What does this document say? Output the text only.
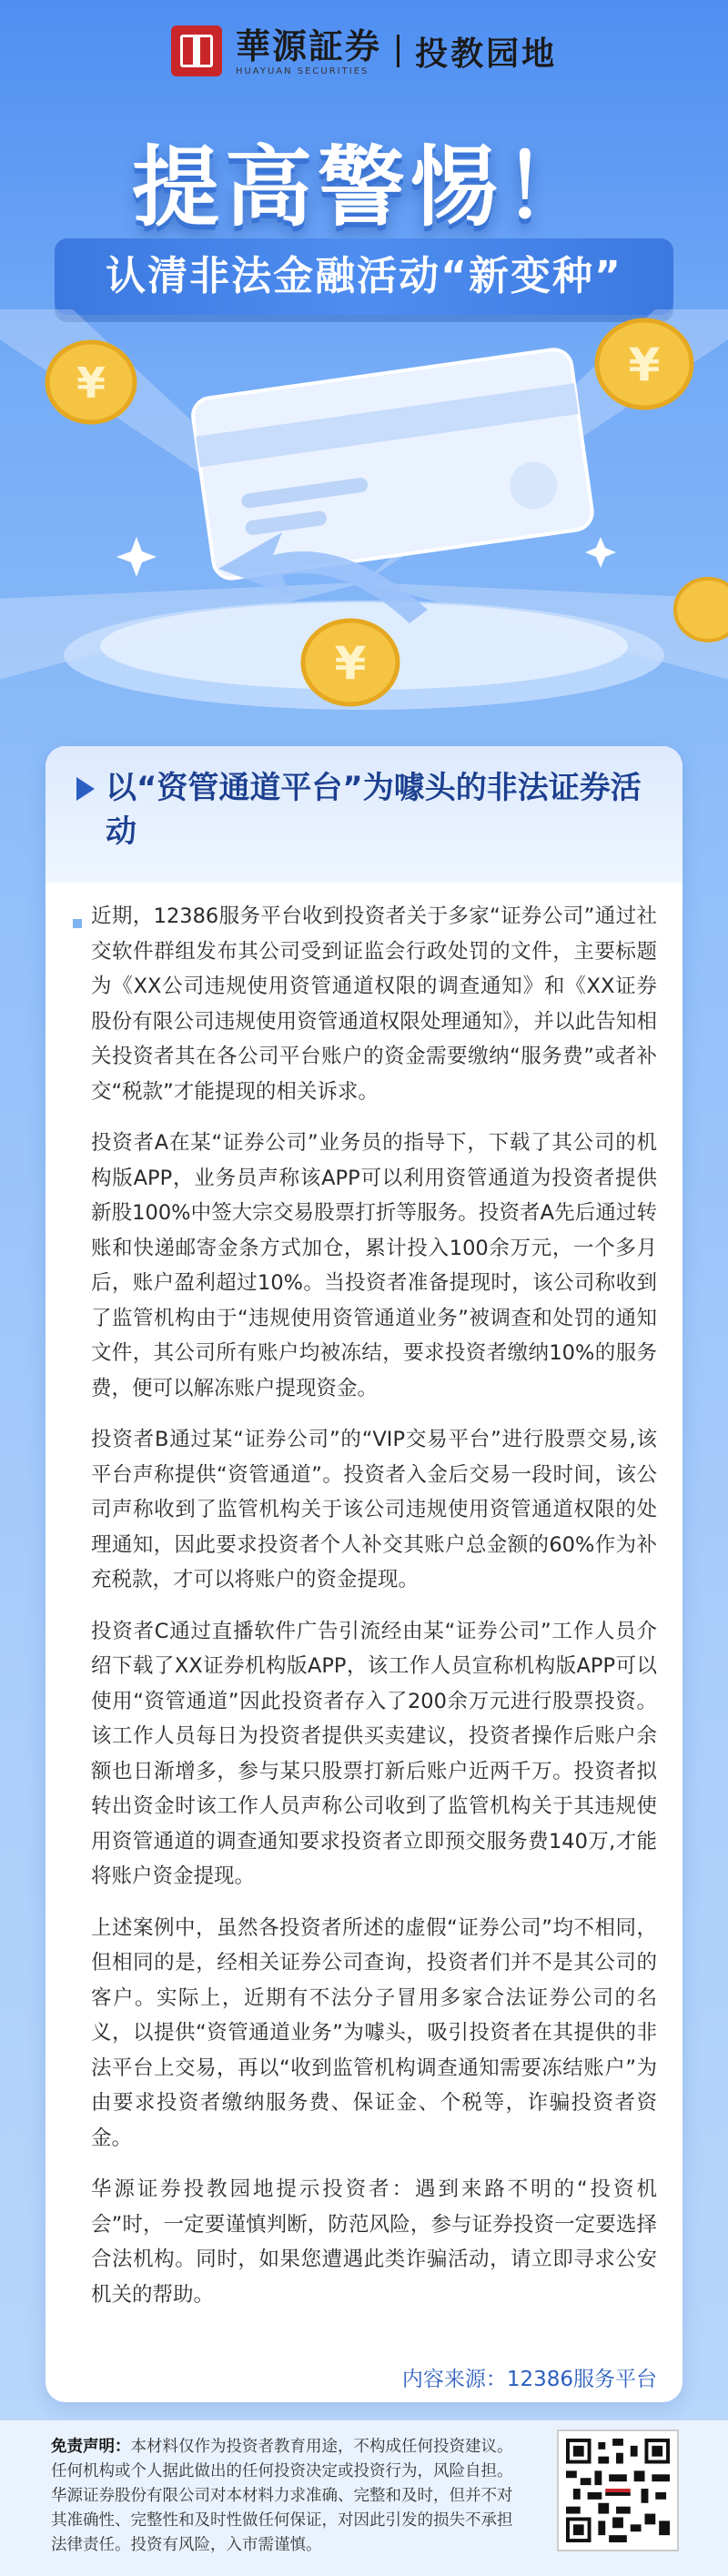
華源証券
HUAYUAN SECURITIES	投教园地
提高警惕！
认清非法金融活动“新变种”
¥	¥
¥
以“资管通道平台”为噱头的非法证券活动

近期，12386服务平台收到投资者关于多家“证券公司”通过社交软件群组发布其公司受到证监会行政处罚的文件，主要标题为《XX公司违规使用资管通道权限的调查通知》和《XX证券股份有限公司违规使用资管通道权限处理通知》，并以此告知相关投资者其在各公司平台账户的资金需要缴纳“服务费”或者补交“税款”才能提现的相关诉求。

投资者A在某“证券公司”业务员的指导下，下载了其公司的机构版APP，业务员声称该APP可以利用资管通道为投资者提供新股100%中签大宗交易股票打折等服务。投资者A先后通过转账和快递邮寄金条方式加仓，累计投入100余万元，一个多月后，账户盈利超过10%。当投资者准备提现时，该公司称收到了监管机构由于“违规使用资管通道业务”被调查和处罚的通知文件，其公司所有账户均被冻结，要求投资者缴纳10%的服务费，便可以解冻账户提现资金。

投资者B通过某“证券公司”的“VIP交易平台”进行股票交易,该平台声称提供“资管通道”。投资者入金后交易一段时间，该公司声称收到了监管机构关于该公司违规使用资管通道权限的处理通知，因此要求投资者个人补交其账户总金额的60%作为补充税款，才可以将账户的资金提现。

投资者C通过直播软件广告引流经由某“证券公司”工作人员介绍下载了XX证券机构版APP，该工作人员宣称机构版APP可以使用“资管通道”因此投资者存入了200余万元进行股票投资。该工作人员每日为投资者提供买卖建议，投资者操作后账户余额也日渐增多，参与某只股票打新后账户近两千万。投资者拟转出资金时该工作人员声称公司收到了监管机构关于其违规使用资管通道的调查通知要求投资者立即预交服务费140万,才能将账户资金提现。

上述案例中，虽然各投资者所述的虚假“证券公司”均不相同，但相同的是，经相关证券公司查询，投资者们并不是其公司的客户。实际上，近期有不法分子冒用多家合法证券公司的名义，以提供“资管通道业务”为噱头，吸引投资者在其提供的非法平台上交易，再以“收到监管机构调查通知需要冻结账户”为由要求投资者缴纳服务费、保证金、个税等，诈骗投资者资金。

华源证券投教园地提示投资者：遇到来路不明的“投资机会”时，一定要谨慎判断，防范风险，参与证券投资一定要选择合法机构。同时，如果您遭遇此类诈骗活动，请立即寻求公安机关的帮助。

内容来源：12386服务平台
免责声明：本材料仅作为投资者教育用途，不构成任何投资建议。任何机构或个人据此做出的任何投资决定或投资行为，风险自担。华源证券股份有限公司对本材料力求准确、完整和及时，但并不对其准确性、完整性和及时性做任何保证，对因此引发的损失不承担法律责任。投资有风险，入市需谨慎。
